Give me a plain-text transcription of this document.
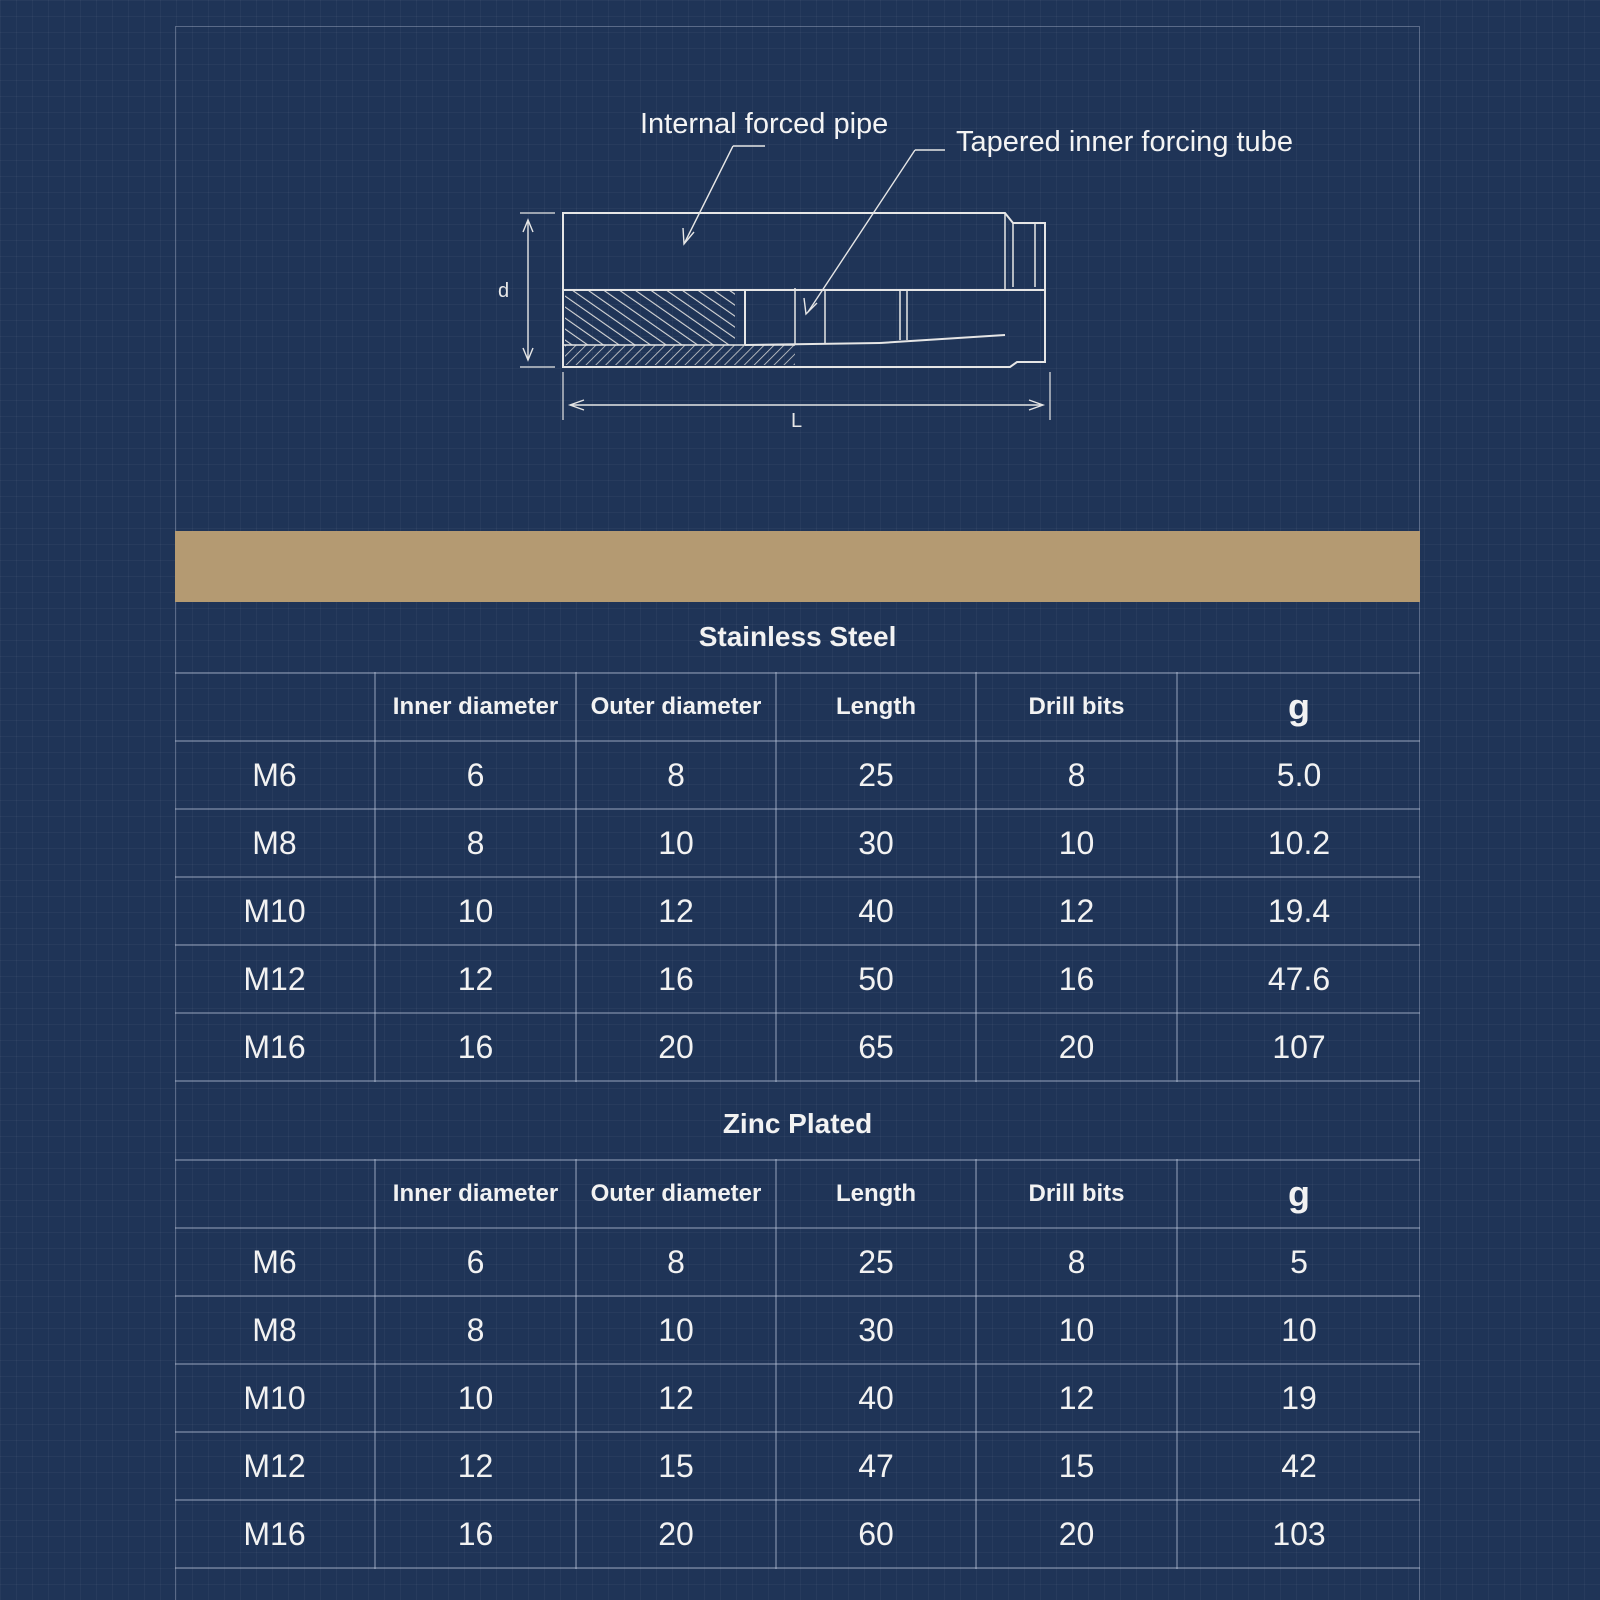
Internal forced pipe
Tapered inner forcing tube
d
L
Stainless Steel					
	Inner diameter	Outer diameter	Length	Drill bits	g
M6	6	8	25	8	5.0
M8	8	10	30	10	10.2
M10	10	12	40	12	19.4
M12	12	16	50	16	47.6
M16	16	20	65	20	107
Zinc Plated					
	Inner diameter	Outer diameter	Length	Drill bits	g
M6	6	8	25	8	5
M8	8	10	30	10	10
M10	10	12	40	12	19
M12	12	15	47	15	42
M16	16	20	60	20	103
